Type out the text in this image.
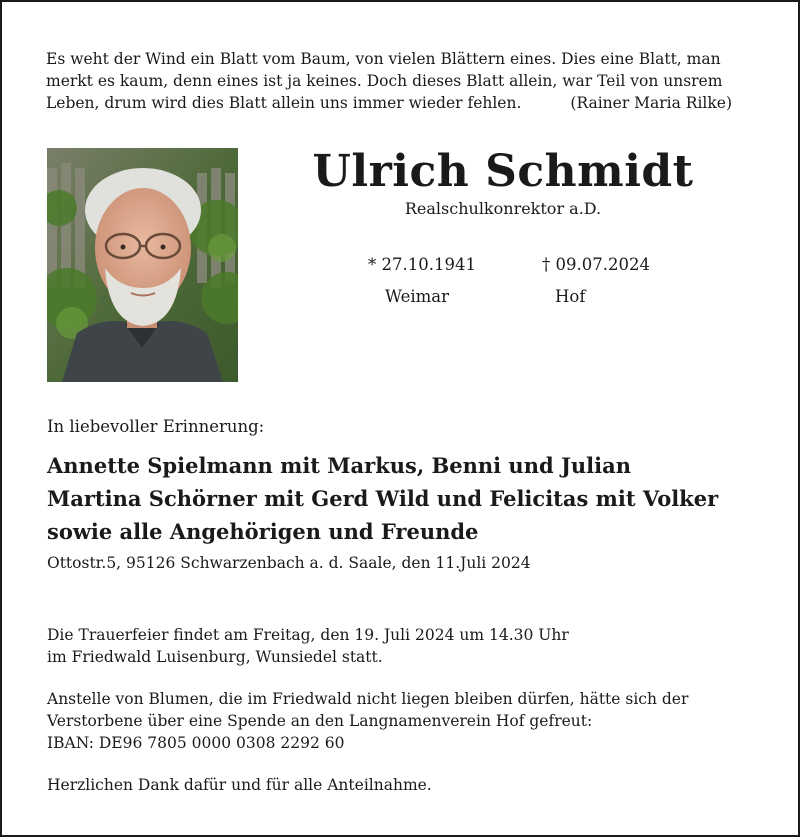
Es weht der Wind ein Blatt vom Baum, von vielen Blättern eines. Dies eine Blatt, man
merkt es kaum, denn eines ist ja keines. Doch dieses Blatt allein, war Teil von unsrem
Leben, drum wird dies Blatt allein uns immer wieder fehlen.	(Rainer Maria Rilke)
Ulrich Schmidt
Realschulkonrektor a.D.
* 27.10.1941	† 09.07.2024
Weimar	Hof
In liebevoller Erinnerung:
Annette Spielmann mit Markus, Benni und Julian
Martina Schörner mit Gerd Wild und Felicitas mit Volker
sowie alle Angehörigen und Freunde
Ottostr.5, 95126 Schwarzenbach a. d. Saale, den 11.Juli 2024
Die Trauerfeier findet am Freitag, den 19. Juli 2024 um 14.30 Uhr
im Friedwald Luisenburg, Wunsiedel statt.
Anstelle von Blumen, die im Friedwald nicht liegen bleiben dürfen, hätte sich der
Verstorbene über eine Spende an den Langnamenverein Hof gefreut:
IBAN: DE96 7805 0000 0308 2292 60
Herzlichen Dank dafür und für alle Anteilnahme.
